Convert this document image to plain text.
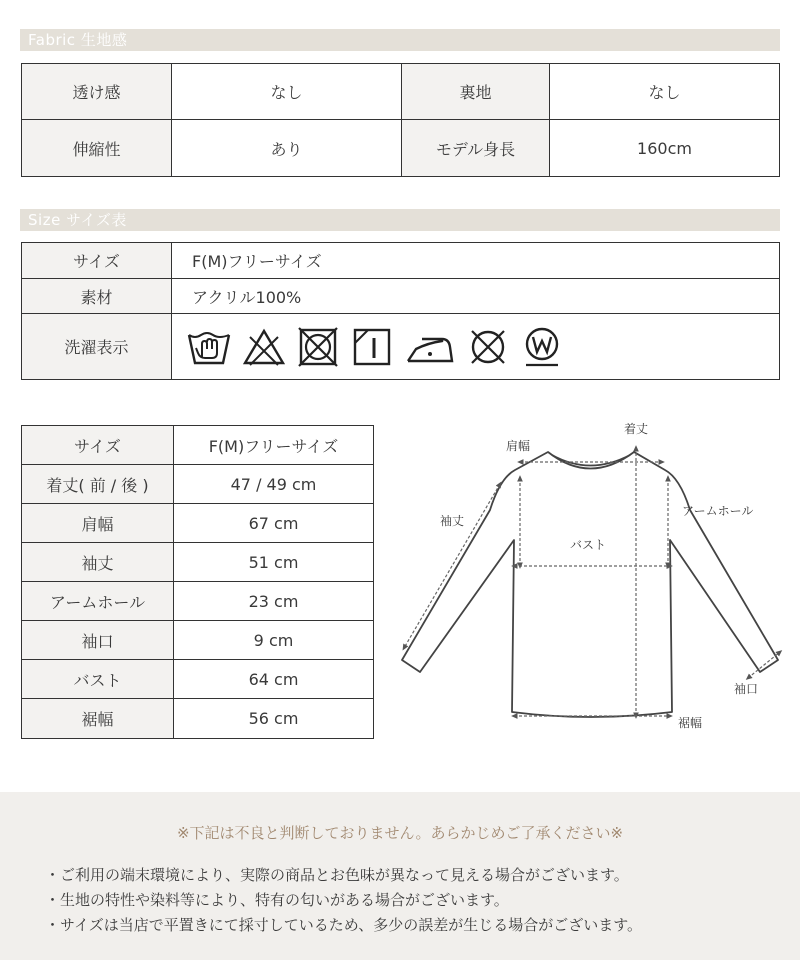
Fabric 生地感
透け感	なし	裏地	なし
伸縮性	あり	モデル身長	160cm
Size サイズ表
サイズ	F(M)フリーサイズ
素材	アクリル100%
洗濯表示
サイズ	F(M)フリーサイズ
着丈( 前 / 後 )	47 / 49 cm
肩幅	67 cm
袖丈	51 cm
アームホール	23 cm
袖口	9 cm
バスト	64 cm
裾幅	56 cm
着丈
肩幅
アームホール
袖丈
バスト
袖口
裾幅
※下記は不良と判断しておりません。あらかじめご了承ください※
・ご利用の端末環境により、実際の商品とお色味が異なって見える場合がございます。
・生地の特性や染料等により、特有の匂いがある場合がございます。
・サイズは当店で平置きにて採寸しているため、多少の誤差が生じる場合がございます。
